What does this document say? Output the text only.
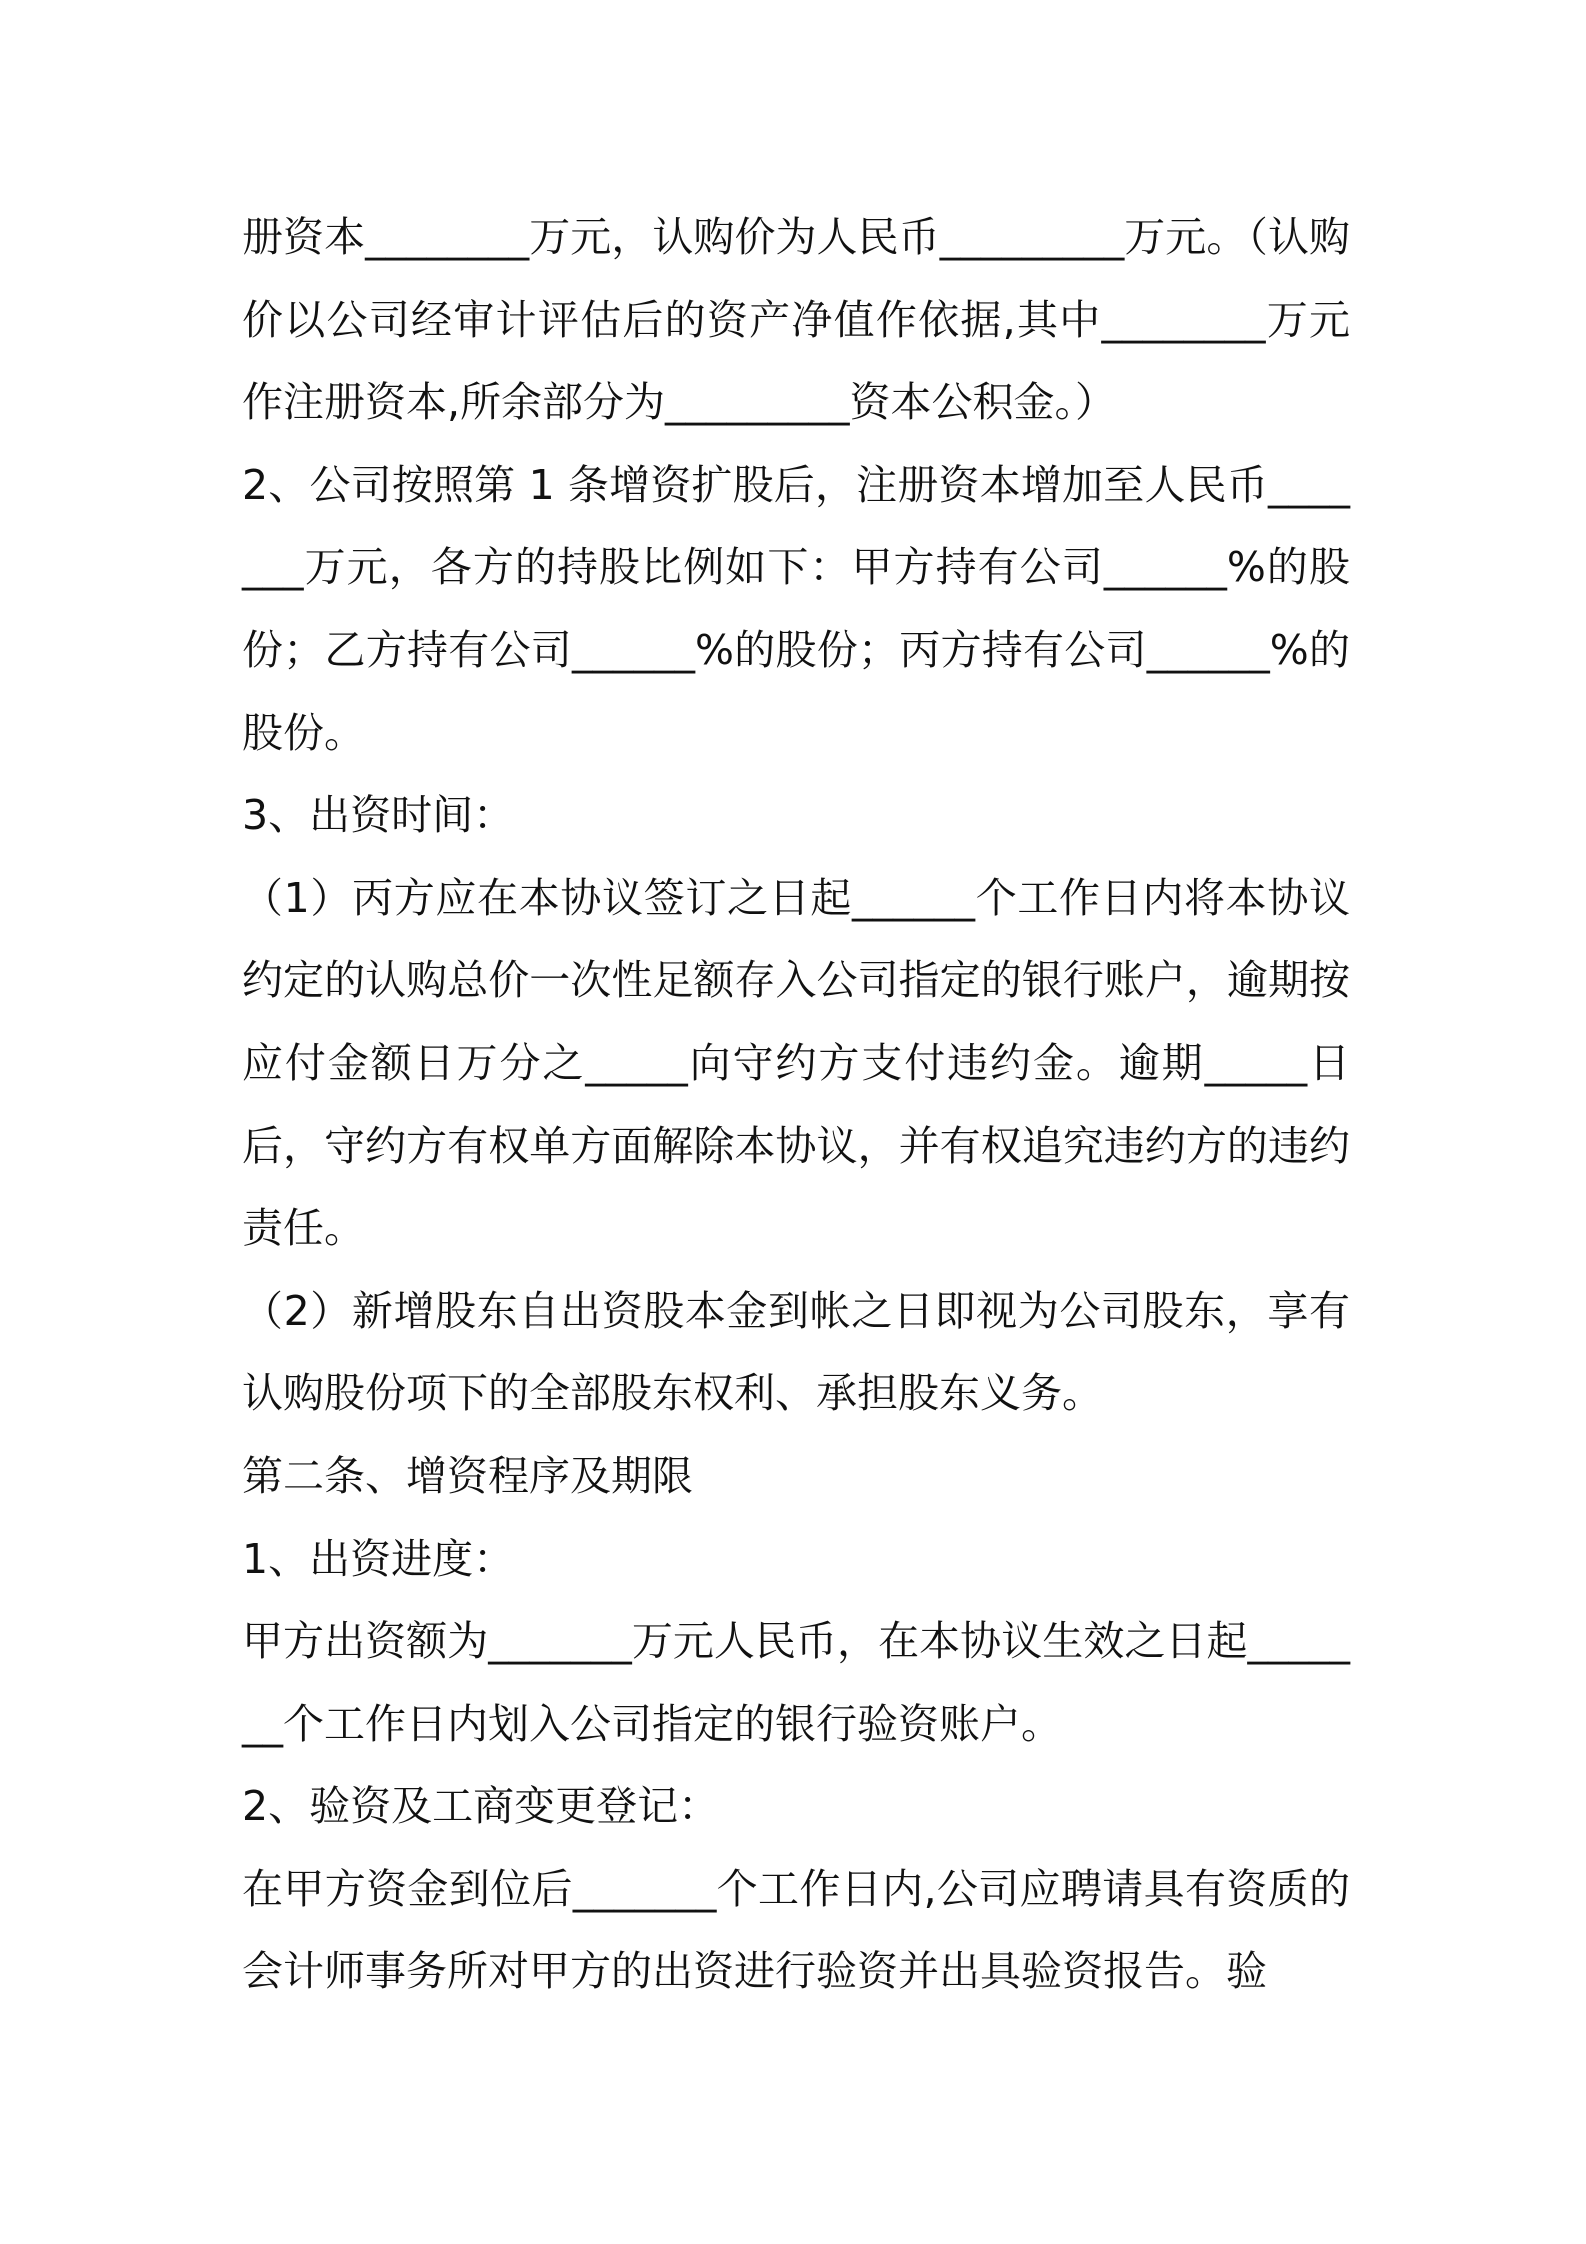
册资本________万元，认购价为人民币_________万元。（认购价以公司经审计评估后的资产净值作依据,其中________万元作注册资本,所余部分为_________资本公积金。）

2、公司按照第 1 条增资扩股后，注册资本增加至人民币_______万元，各方的持股比例如下：甲方持有公司______%的股份；乙方持有公司______%的股份；丙方持有公司______%的股份。

3、出资时间：

（1）丙方应在本协议签订之日起______个工作日内将本协议约定的认购总价一次性足额存入公司指定的银行账户，逾期按应付金额日万分之_____向守约方支付违约金。逾期_____日后，守约方有权单方面解除本协议，并有权追究违约方的违约责任。

（2）新增股东自出资股本金到帐之日即视为公司股东，享有认购股份项下的全部股东权利、承担股东义务。

第二条、增资程序及期限

1、出资进度：

甲方出资额为_______万元人民币，在本协议生效之日起_______个工作日内划入公司指定的银行验资账户。

2、验资及工商变更登记：

在甲方资金到位后_______个工作日内,公司应聘请具有资质的会计师事务所对甲方的出资进行验资并出具验资报告。验
